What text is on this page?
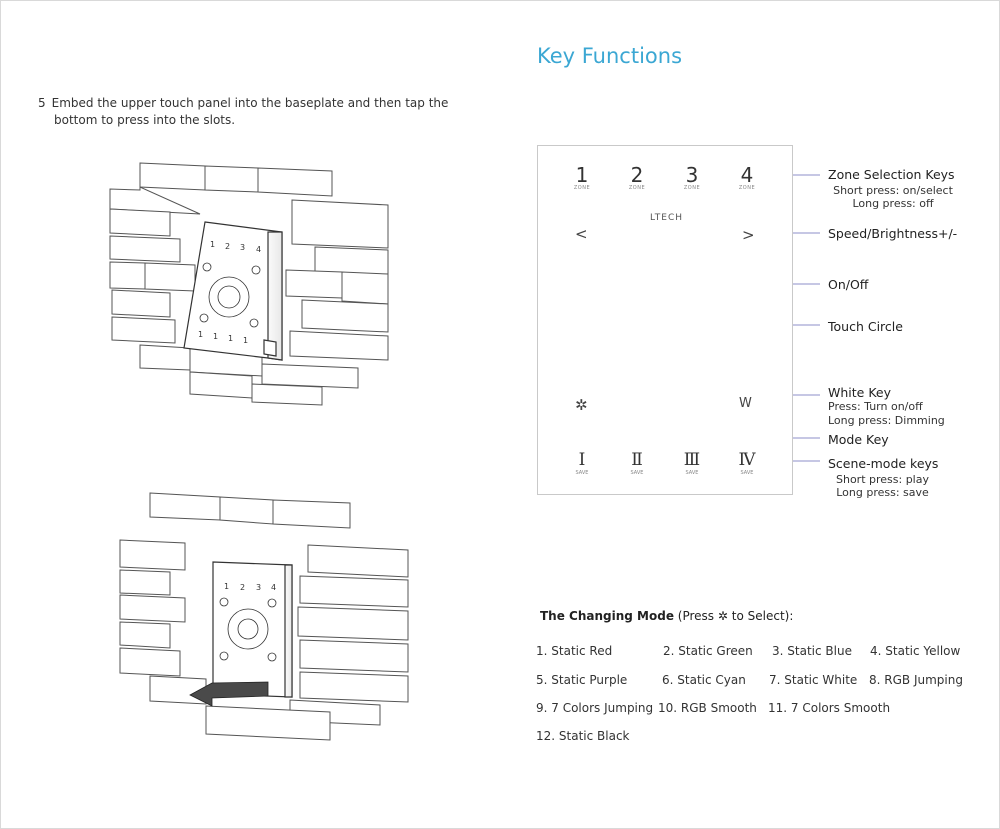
Key Functions
5 Embed the upper touch panel into the baseplate and then tap the
bottom to press into the slots.
1 2 3 4
1 1 1 1
1 2 3 4
1
ZONE
2
ZONE
3
ZONE
4
ZONE
LTECH
<	>
✲	W
Ⅰ
SAVE
Ⅱ
SAVE
Ⅲ
SAVE
Ⅳ
SAVE
Zone Selection Keys
Short press: on/select
Long press: off
Speed/Brightness+/-
On/Off
Touch Circle
White Key
Press: Turn on/off
Long press: Dimming
Mode Key
Scene-mode keys
Short press: play
Long press: save
The Changing Mode (Press ✲ to Select):
1. Static Red	2. Static Green 3. Static Blue 4. Static Yellow
5. Static Purple	6. Static Cyan 7. Static White 8. RGB Jumping
9. 7 Colors Jumping 10. RGB Smooth 11. 7 Colors Smooth
12. Static Black
